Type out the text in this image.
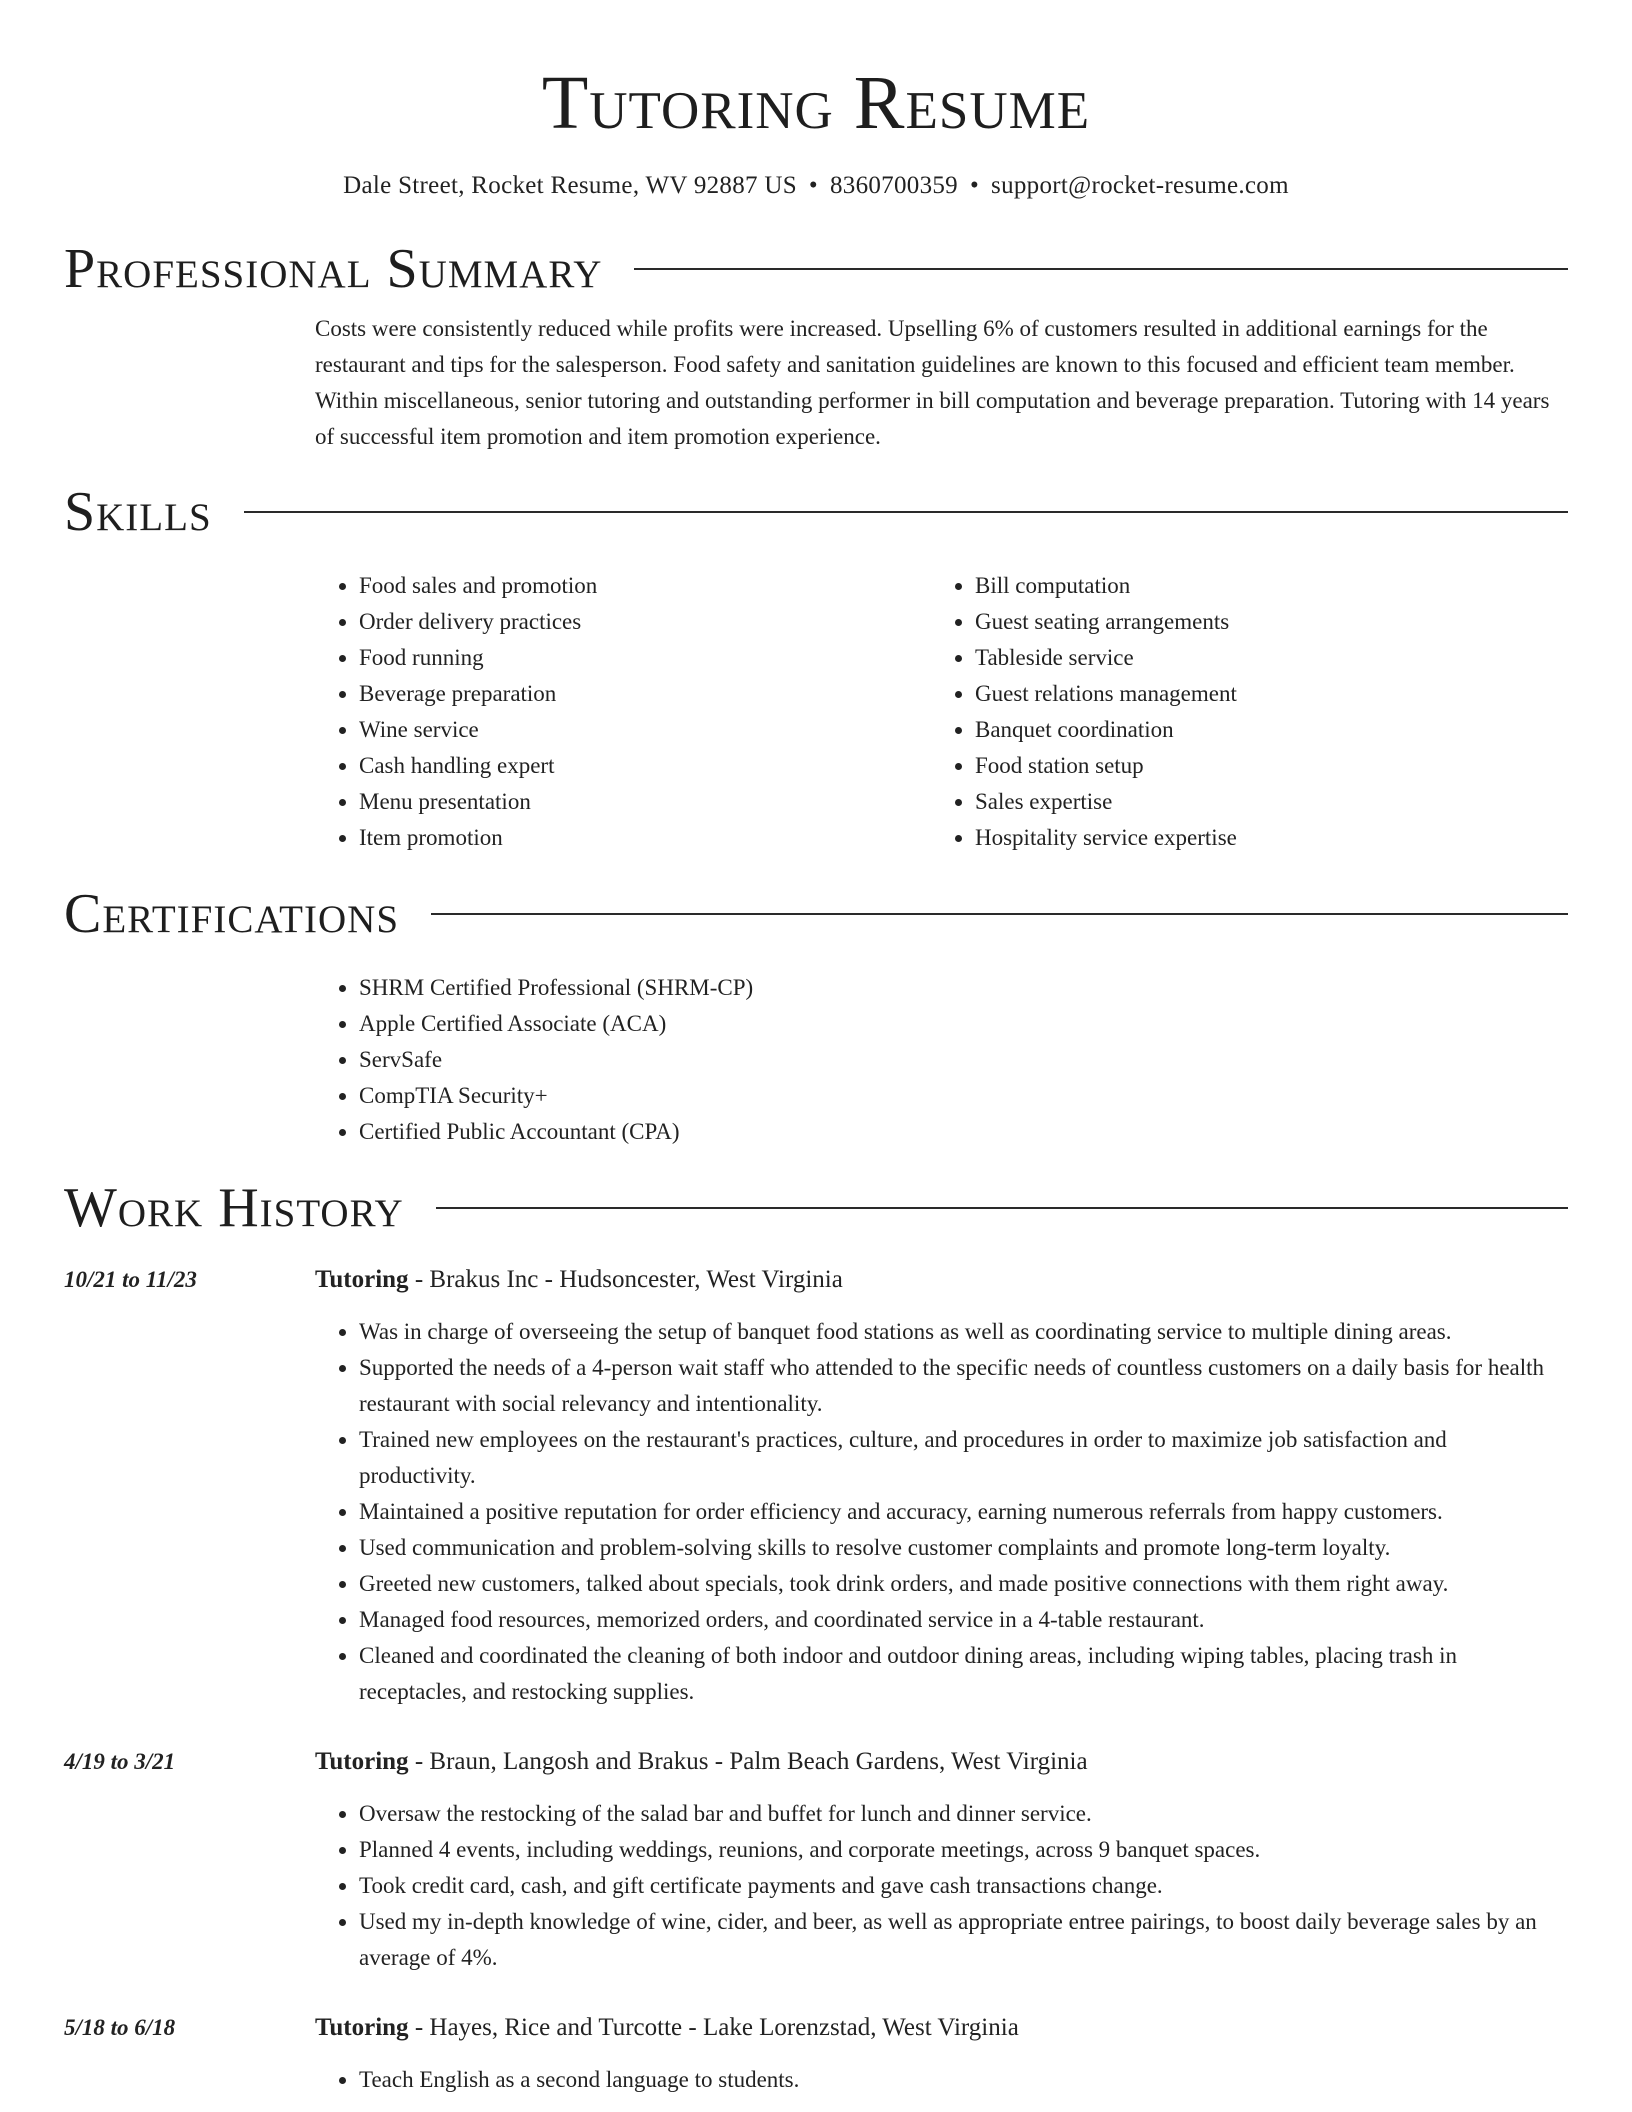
Tutoring Resume
Dale Street, Rocket Resume, WV 92887 US • 8360700359 • support@rocket-resume.com
Professional Summary

Costs were consistently reduced while profits were increased. Upselling 6% of customers resulted in additional earnings for the restaurant and tips for the salesperson. Food safety and sanitation guidelines are known to this focused and efficient team member. Within miscellaneous, senior tutoring and outstanding performer in bill computation and beverage preparation. Tutoring with 14 years of successful item promotion and item promotion experience.

Skills
• Food sales and promotion
• Order delivery practices
• Food running
• Beverage preparation
• Wine service
• Cash handling expert
• Menu presentation
• Item promotion
• Bill computation
• Guest seating arrangements
• Tableside service
• Guest relations management
• Banquet coordination
• Food station setup
• Sales expertise
• Hospitality service expertise
Certifications
• SHRM Certified Professional (SHRM-CP)
• Apple Certified Associate (ACA)
• ServSafe
• CompTIA Security+
• Certified Public Accountant (CPA)
Work History
10/21 to 11/23	Tutoring - Brakus Inc - Hudsoncester, West Virginia
• Was in charge of overseeing the setup of banquet food stations as well as coordinating service to multiple dining areas.
• Supported the needs of a 4-person wait staff who attended to the specific needs of countless customers on a daily basis for health restaurant with social relevancy and intentionality.
• Trained new employees on the restaurant's practices, culture, and procedures in order to maximize job satisfaction and productivity.
• Maintained a positive reputation for order efficiency and accuracy, earning numerous referrals from happy customers.
• Used communication and problem-solving skills to resolve customer complaints and promote long-term loyalty.
• Greeted new customers, talked about specials, took drink orders, and made positive connections with them right away.
• Managed food resources, memorized orders, and coordinated service in a 4-table restaurant.
• Cleaned and coordinated the cleaning of both indoor and outdoor dining areas, including wiping tables, placing trash in receptacles, and restocking supplies.
4/19 to 3/21	Tutoring - Braun, Langosh and Brakus - Palm Beach Gardens, West Virginia
• Oversaw the restocking of the salad bar and buffet for lunch and dinner service.
• Planned 4 events, including weddings, reunions, and corporate meetings, across 9 banquet spaces.
• Took credit card, cash, and gift certificate payments and gave cash transactions change.
• Used my in-depth knowledge of wine, cider, and beer, as well as appropriate entree pairings, to boost daily beverage sales by an average of 4%.
5/18 to 6/18	Tutoring - Hayes, Rice and Turcotte - Lake Lorenzstad, West Virginia
• Teach English as a second language to students.
